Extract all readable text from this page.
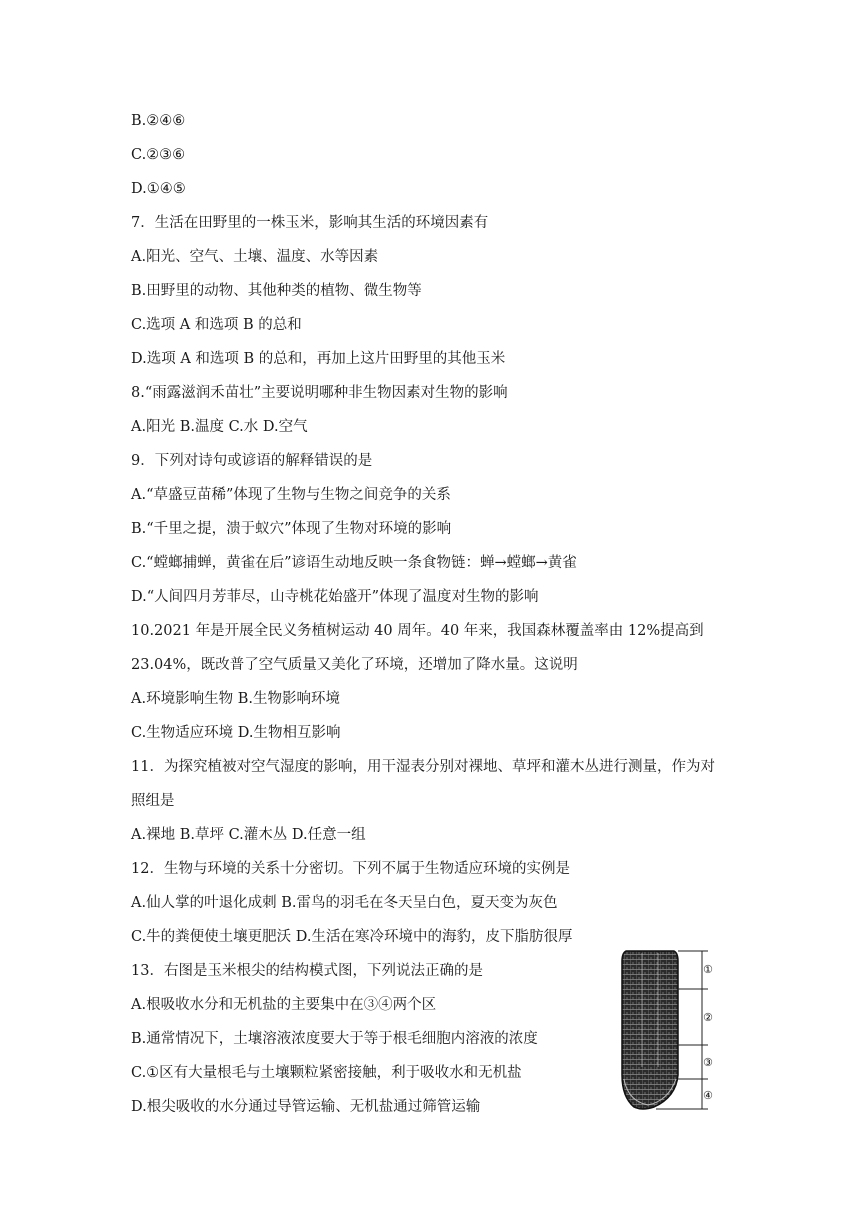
B.②④⑥
C.②③⑥
D.①④⑤
7．生活在田野里的一株玉米，影响其生活的环境因素有
A.阳光、空气、土壤、温度、水等因素
B.田野里的动物、其他种类的植物、微生物等
C.选项 A 和选项 B 的总和
D.选项 A 和选项 B 的总和，再加上这片田野里的其他玉米
8.“雨露滋润禾苗壮”主要说明哪种非生物因素对生物的影响
A.阳光 B.温度 C.水 D.空气
9．下列对诗句或谚语的解释错误的是
A.“草盛豆苗稀”体现了生物与生物之间竞争的关系
B.“千里之提，溃于蚁穴”体现了生物对环境的影响
C.“螳螂捕蝉，黄雀在后”谚语生动地反映一条食物链：蝉→螳螂→黄雀
D.“人间四月芳菲尽，山寺桃花始盛开”体现了温度对生物的影响
10.2021 年是开展全民义务植树运动 40 周年。40 年来，我国森林覆盖率由 12%提高到
23.04%，既改普了空气质量又美化了环境，还增加了降水量。这说明
A.环境影响生物 B.生物影响环境
C.生物适应环境 D.生物相互影响
11．为探究植被对空气湿度的影响，用干湿表分别对裸地、草坪和灌木丛进行测量，作为对
照组是
A.裸地 B.草坪 C.灌木丛 D.任意一组
12．生物与环境的关系十分密切。下列不属于生物适应环境的实例是
A.仙人掌的叶退化成刺 B.雷鸟的羽毛在冬天呈白色，夏天变为灰色
C.牛的粪便使土壤更肥沃 D.生活在寒冷环境中的海豹，皮下脂肪很厚
13．右图是玉米根尖的结构模式图，下列说法正确的是
A.根吸收水分和无机盐的主要集中在③④两个区
B.通常情况下，土壤溶液浓度要大于等于根毛细胞内溶液的浓度
C.①区有大量根毛与土壤颗粒紧密接触，利于吸收水和无机盐
D.根尖吸收的水分通过导管运输、无机盐通过筛管运输
①
②
③
④
